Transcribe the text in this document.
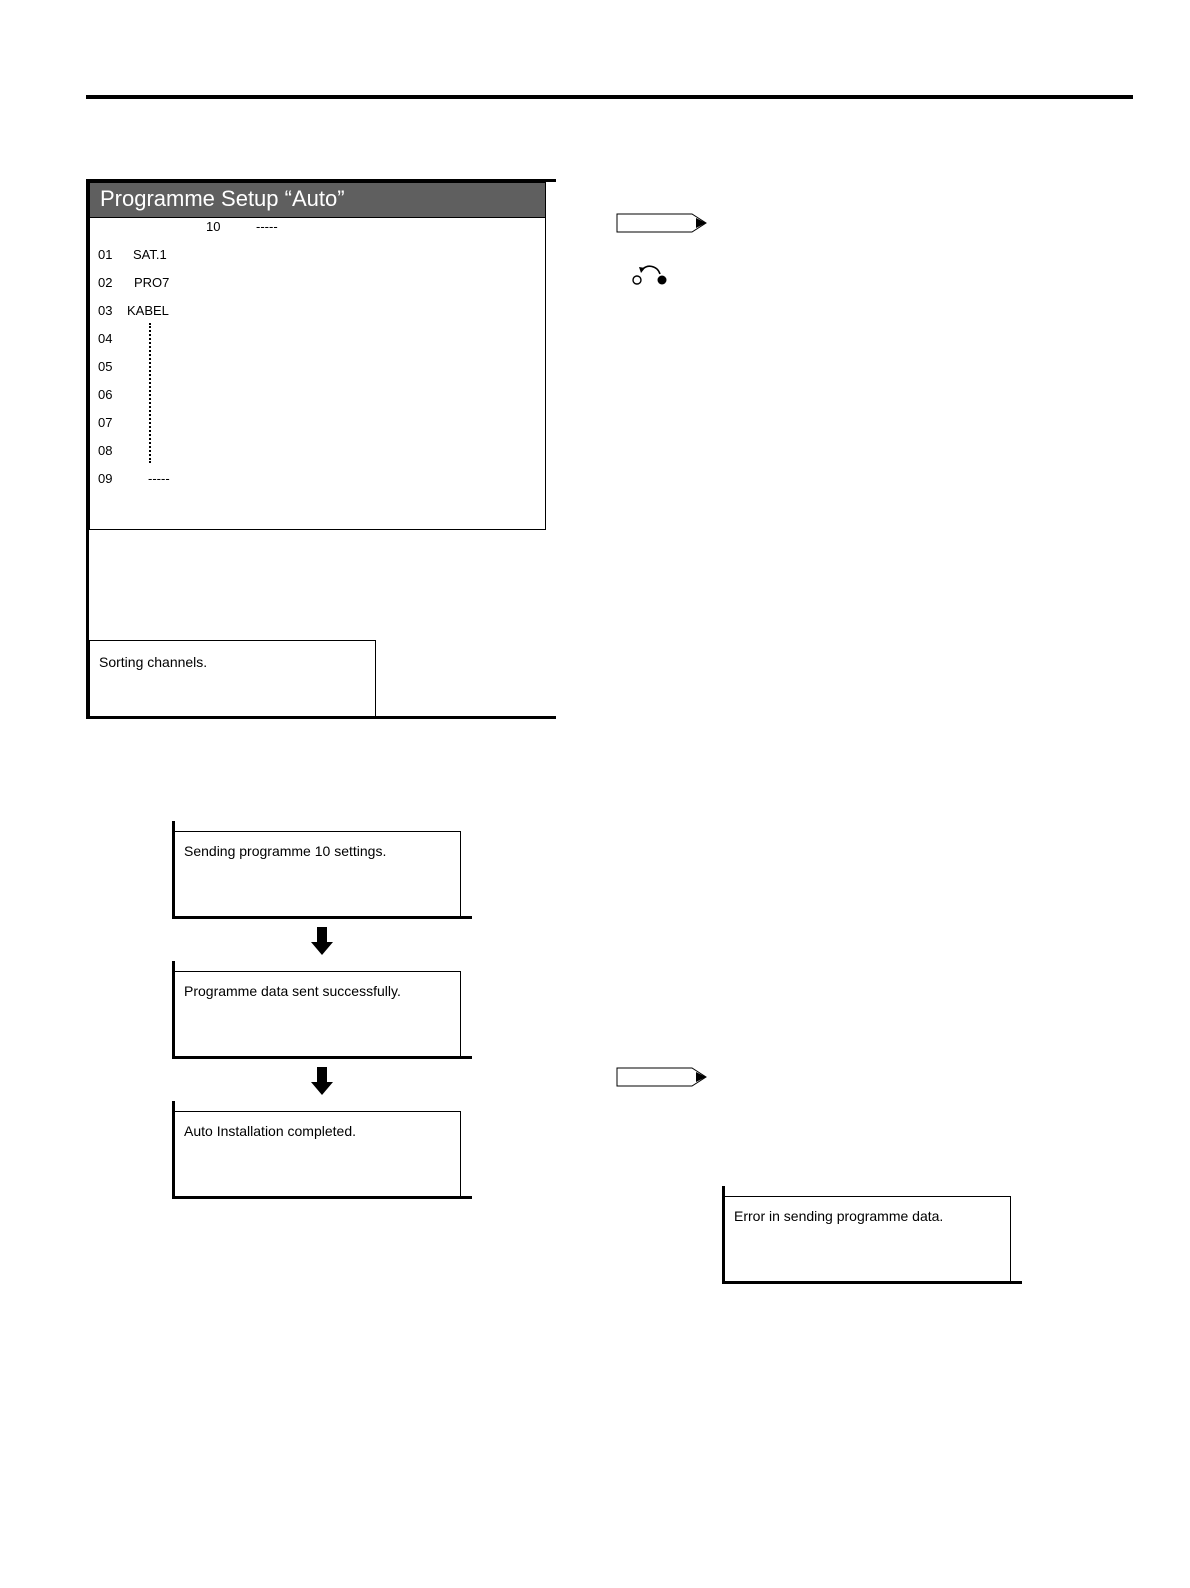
Programme Setup “Auto”
10	-----
01 SAT.1
02 PRO7
03 KABEL
04
05
06
07
08
09	-----
Sorting channels.
Sending programme 10 settings.
Programme data sent successfully.
Auto Installation completed.
Error in sending programme data.
